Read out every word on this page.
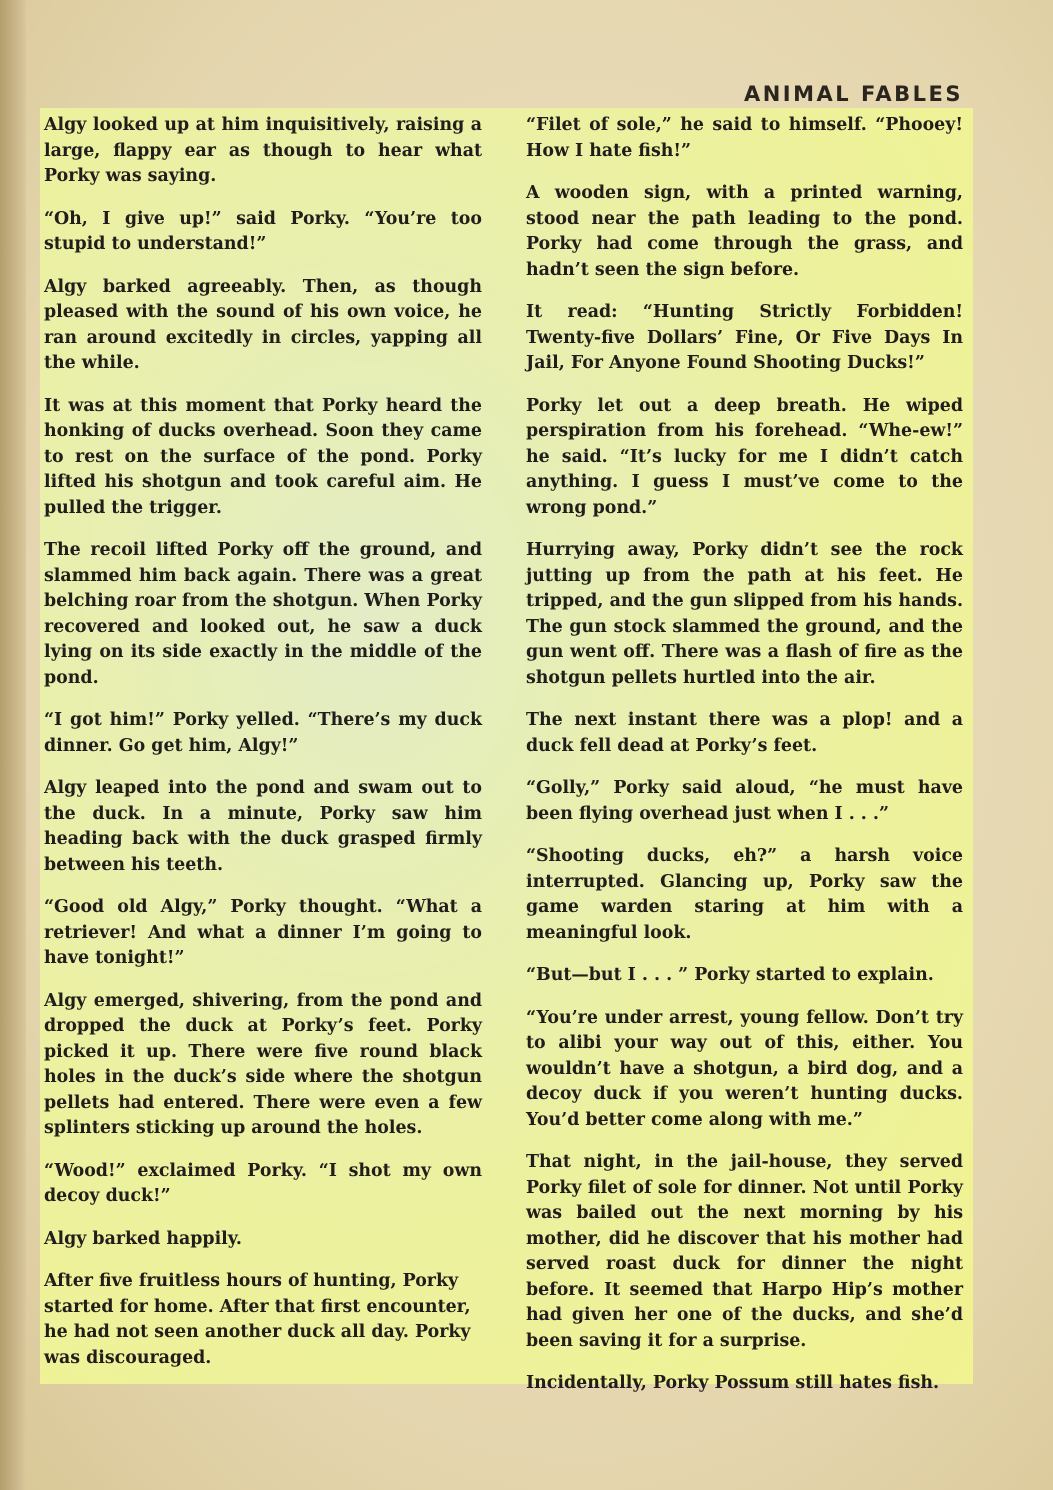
ANIMAL FABLES

Algy looked up at him inquisitively, raising a large, flappy ear as though to hear what Porky was saying.

“Oh, I give up!” said Porky. “You’re too stupid to understand!”

Algy barked agreeably. Then, as though pleased with the sound of his own voice, he ran around excitedly in circles, yapping all the while.

It was at this moment that Porky heard the honking of ducks overhead. Soon they came to rest on the surface of the pond. Porky lifted his shotgun and took careful aim. He pulled the trigger.

The recoil lifted Porky off the ground, and slammed him back again. There was a great belching roar from the shotgun. When Porky recovered and looked out, he saw a duck lying on its side exactly in the middle of the pond.

“I got him!” Porky yelled. “There’s my duck dinner. Go get him, Algy!”

Algy leaped into the pond and swam out to the duck. In a minute, Porky saw him heading back with the duck grasped firmly between his teeth.

“Good old Algy,” Porky thought. “What a retriever! And what a dinner I’m going to have tonight!”

Algy emerged, shivering, from the pond and dropped the duck at Porky’s feet. Porky picked it up. There were five round black holes in the duck’s side where the shotgun pellets had entered. There were even a few splinters sticking up around the holes.

“Wood!” exclaimed Porky. “I shot my own decoy duck!”

Algy barked happily.

After five fruitless hours of hunting, Porky started for home. After that first encounter, he had not seen another duck all day. Porky was discouraged.

“Filet of sole,” he said to himself. “Phooey! How I hate fish!”

A wooden sign, with a printed warning, stood near the path leading to the pond. Porky had come through the grass, and hadn’t seen the sign before.

It read: “Hunting Strictly Forbidden! Twenty-five Dollars’ Fine, Or Five Days In Jail, For Anyone Found Shooting Ducks!”

Porky let out a deep breath. He wiped perspiration from his forehead. “Whe-ew!” he said. “It’s lucky for me I didn’t catch anything. I guess I must’ve come to the wrong pond.”

Hurrying away, Porky didn’t see the rock jutting up from the path at his feet. He tripped, and the gun slipped from his hands. The gun stock slammed the ground, and the gun went off. There was a flash of fire as the shotgun pellets hurtled into the air.

The next instant there was a plop! and a duck fell dead at Porky’s feet.

“Golly,” Porky said aloud, “he must have been flying overhead just when I . . .”

“Shooting ducks, eh?” a harsh voice interrupted. Glancing up, Porky saw the game warden staring at him with a meaningful look.

“But—but I . . . ” Porky started to explain.

“You’re under arrest, young fellow. Don’t try to alibi your way out of this, either. You wouldn’t have a shotgun, a bird dog, and a decoy duck if you weren’t hunting ducks. You’d better come along with me.”

That night, in the jail-house, they served Porky filet of sole for dinner. Not until Porky was bailed out the next morning by his mother, did he discover that his mother had served roast duck for dinner the night before. It seemed that Harpo Hip’s mother had given her one of the ducks, and she’d been saving it for a surprise.

Incidentally, Porky Possum still hates fish.
